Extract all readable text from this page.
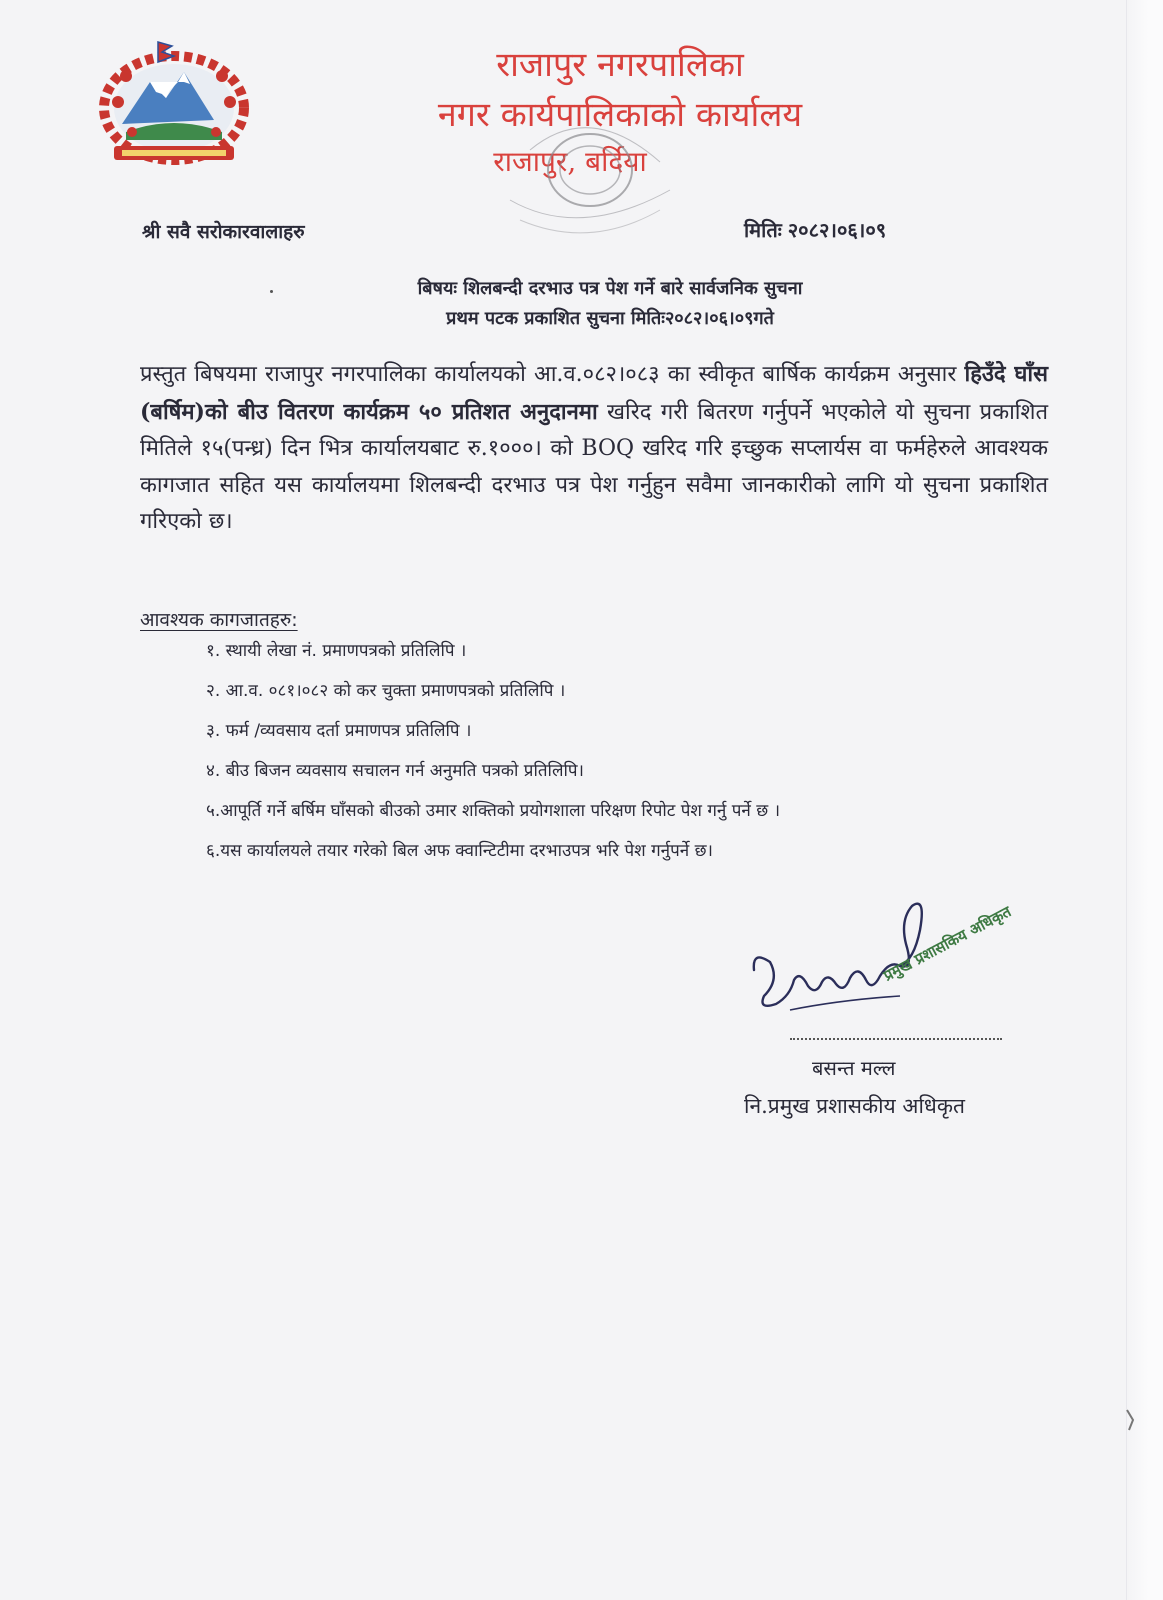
राजापुर नगरपालिका
नगर कार्यपालिकाको कार्यालय
राजापुर, बर्दिया
श्री सवै सरोकारवालाहरु	मितिः २०८२।०६।०९
बिषयः शिलबन्दी दरभाउ पत्र पेश गर्ने बारे सार्वजनिक सुचना
प्रथम पटक प्रकाशित सुचना मितिः२०८२।०६।०९गते
प्रस्तुत बिषयमा राजापुर नगरपालिका कार्यालयको आ.व.०८२।०८३ का स्वीकृत बार्षिक कार्यक्रम अनुसार हिउँदे घाँस (बर्षिम)को बीउ वितरण कार्यक्रम ५० प्रतिशत अनुदानमा खरिद गरी बितरण गर्नुपर्ने भएकोले यो सुचना प्रकाशित मितिले १५(पन्ध्र) दिन भित्र कार्यालयबाट रु.१०००। को BOQ खरिद गरि इच्छुक सप्लार्यस वा फर्महेरुले आवश्यक कागजात सहित यस कार्यालयमा शिलबन्दी दरभाउ पत्र पेश गर्नुहुन सवैमा जानकारीको लागि यो सुचना प्रकाशित गरिएको छ।
आवश्यक कागजातहरु:
१. स्थायी लेखा नं. प्रमाणपत्रको प्रतिलिपि ।
२. आ.व. ०८१।०८२ को कर चुक्ता प्रमाणपत्रको प्रतिलिपि ।
३. फर्म /व्यवसाय दर्ता प्रमाणपत्र प्रतिलिपि ।
४. बीउ बिजन व्यवसाय सचालन गर्न अनुमति पत्रको प्रतिलिपि।
५.आपूर्ति गर्ने बर्षिम घाँसको बीउको उमार शक्तिको प्रयोगशाला परिक्षण रिपोट पेश गर्नु पर्ने छ ।
६.यस कार्यालयले तयार गरेको बिल अफ क्वान्टिटीमा दरभाउपत्र भरि पेश गर्नुपर्ने छ।
प्रमुख प्रशासकिय अधिकृत
बसन्त मल्ल
नि.प्रमुख प्रशासकीय अधिकृत
